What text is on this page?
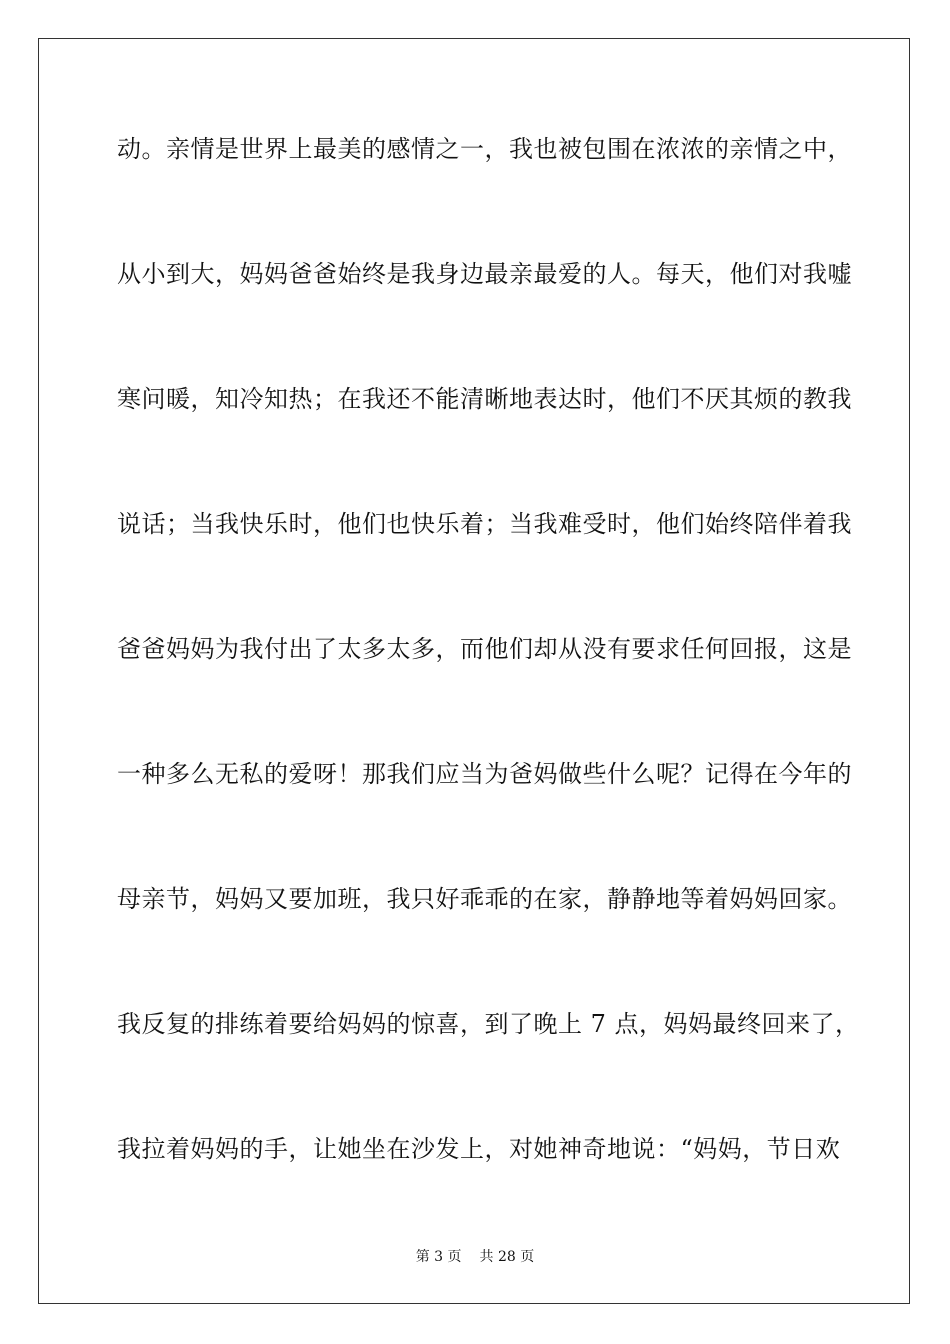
动。亲情是世界上最美的感情之一，我也被包围在浓浓的亲情之中，
从小到大，妈妈爸爸始终是我身边最亲最爱的人。每天，他们对我嘘
寒问暖，知冷知热；在我还不能清晰地表达时，他们不厌其烦的教我
说话；当我快乐时，他们也快乐着；当我难受时，他们始终陪伴着我
爸爸妈妈为我付出了太多太多，而他们却从没有要求任何回报，这是
一种多么无私的爱呀！那我们应当为爸妈做些什么呢？记得在今年的
母亲节，妈妈又要加班，我只好乖乖的在家，静静地等着妈妈回家。
我反复的排练着要给妈妈的惊喜，到了晚上 7 点，妈妈最终回来了，
我拉着妈妈的手，让她坐在沙发上，对她神奇地说：“妈妈，节日欢
第 3 页 共 28 页
